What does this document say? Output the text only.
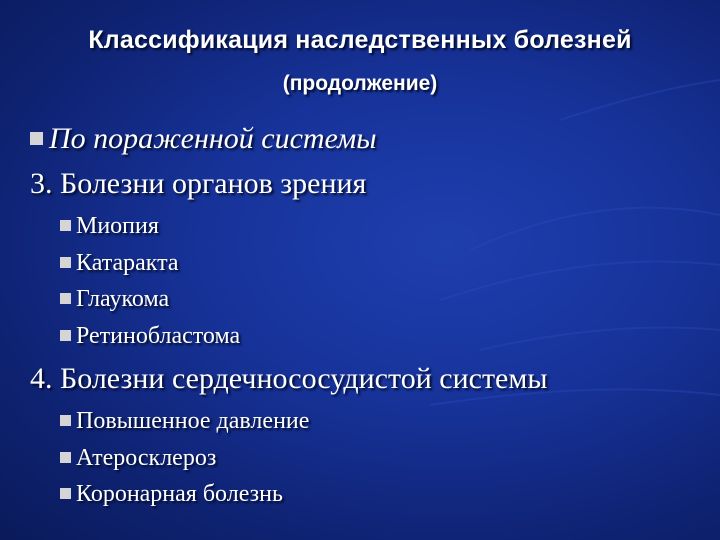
Классификация наследственных болезней
(продолжение)
По пораженной системы
3. Болезни органов зрения
Миопия
Катаракта
Глаукома
Ретинобластома
4. Болезни сердечнососудистой системы
Повышенное давление
Атеросклероз
Коронарная болезнь
